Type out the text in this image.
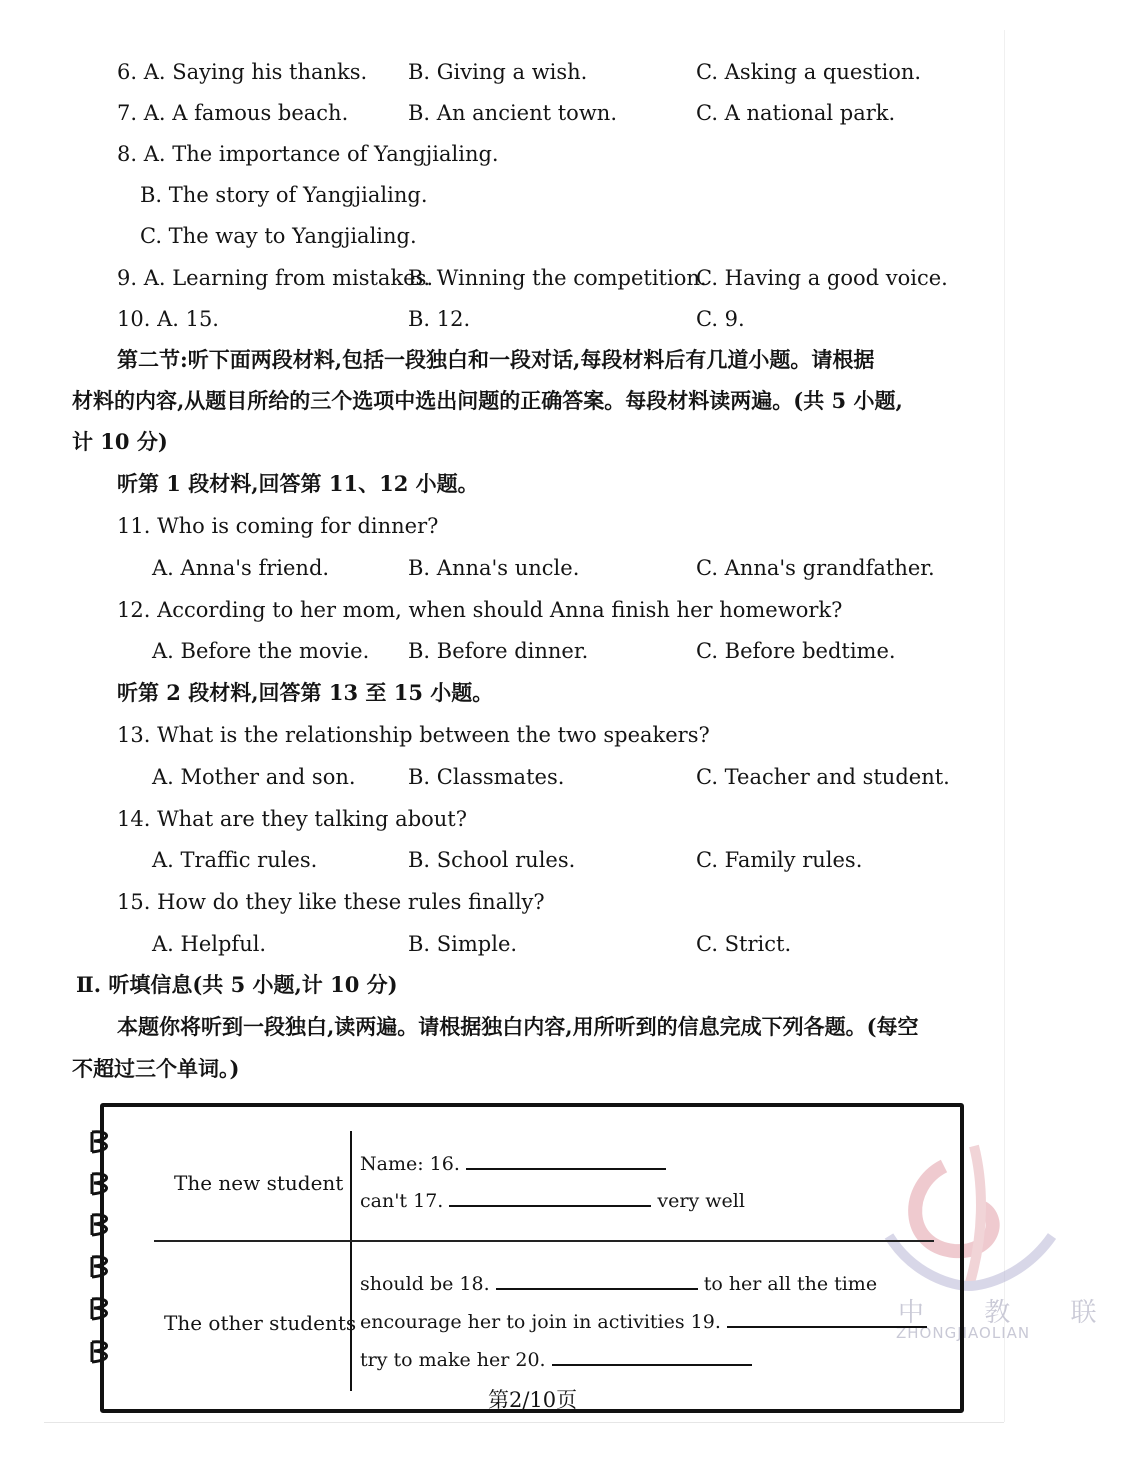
6. A. Saying his thanks. B. Giving a wish.	C. Asking a question.
7. A. A famous beach.	B. An ancient town.	C. A national park.
8. A. The importance of Yangjialing.
B. The story of Yangjialing.
C. The way to Yangjialing.
9. A. Learning from mistakes.
B. Winning the competition.
C. Having a good voice.
10. A. 15.	B. 12.	C. 9.
第二节:听下面两段材料,包括一段独白和一段对话,每段材料后有几道小题。请根据
材料的内容,从题目所给的三个选项中选出问题的正确答案。每段材料读两遍。(共 5 小题,
计 10 分)
听第 1 段材料,回答第 11、12 小题。
11. Who is coming for dinner?
A. Anna's friend.	B. Anna's uncle.	C. Anna's grandfather.
12. According to her mom, when should Anna finish her homework?
A. Before the movie. B. Before dinner.	C. Before bedtime.
听第 2 段材料,回答第 13 至 15 小题。
13. What is the relationship between the two speakers?
A. Mother and son. B. Classmates.	C. Teacher and student.
14. What are they talking about?
A. Traffic rules.	B. School rules.	C. Family rules.
15. How do they like these rules finally?
A. Helpful.	B. Simple.	C. Strict.
Ⅱ. 听填信息(共 5 小题,计 10 分)
本题你将听到一段独白,读两遍。请根据独白内容,用所听到的信息完成下列各题。(每空
不超过三个单词。)
中 教 联
ZHONGJIAOLIAN
The new student
Name: 16.
can't 17.	very well
The other students
should be 18.	to her all the time
encourage her to join in activities 19.
try to make her 20.
第2/10页
